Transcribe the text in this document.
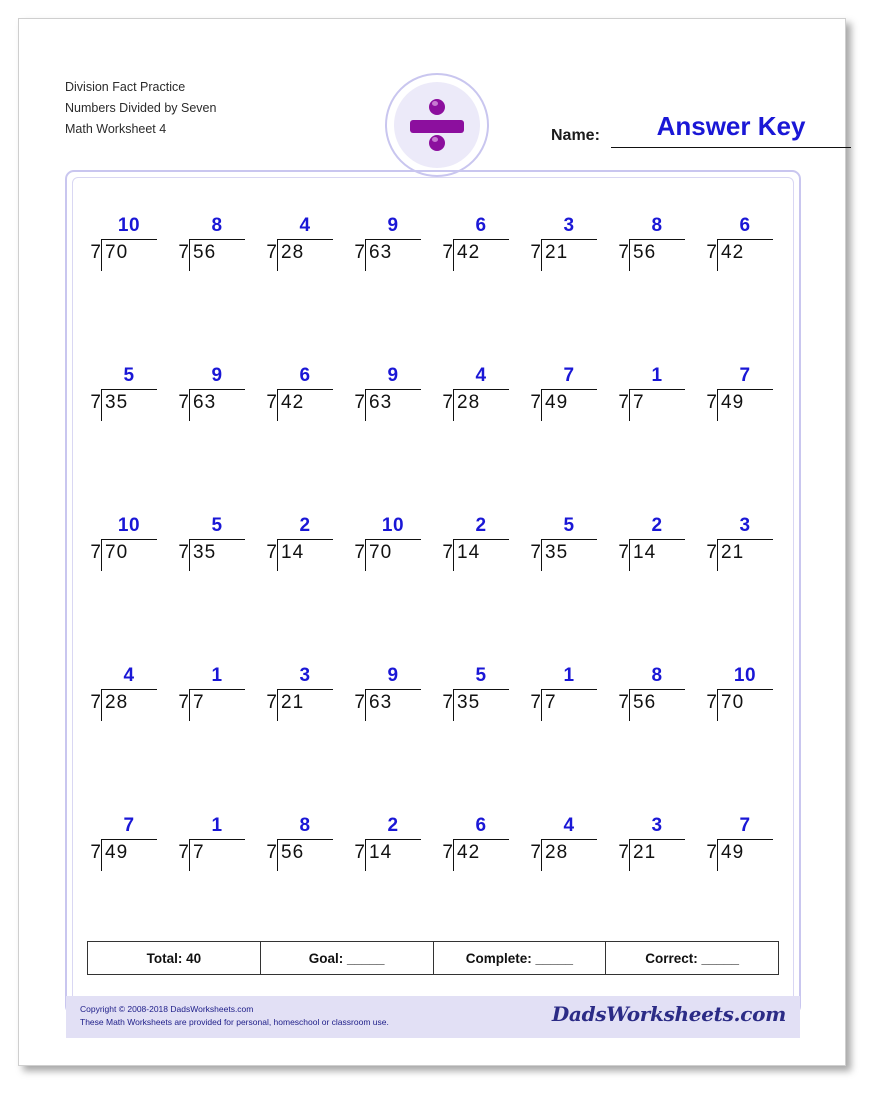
Division Fact Practice
Numbers Divided by Seven
Math Worksheet 4	Name:	Answer Key
10
7 70
8
7 56
4
7 28
9
7 63
6
7 42
3
7 21
8
7 56
6
7 42
5
7 35
9
7 63
6
7 42
9
7 63
4
7 28
7
7 49
1
7 7
7
7 49
10
7 70
5
7 35
2
7 14
10
7 70
2
7 14
5
7 35
2
7 14
3
7 21
4
7 28
1
7 7
3
7 21
9
7 63
5
7 35
1
7 7
8
7 56
10
7 70
7
7 49
1
7 7
8
7 56
2
7 14
6
7 42
4
7 28
3
7 21
7
7 49
Total: 40	Goal: _____	Complete: _____	Correct: _____
Copyright © 2008-2018 DadsWorksheets.com
These Math Worksheets are provided for personal, homeschool or classroom use.	DadsWorksheets.com
